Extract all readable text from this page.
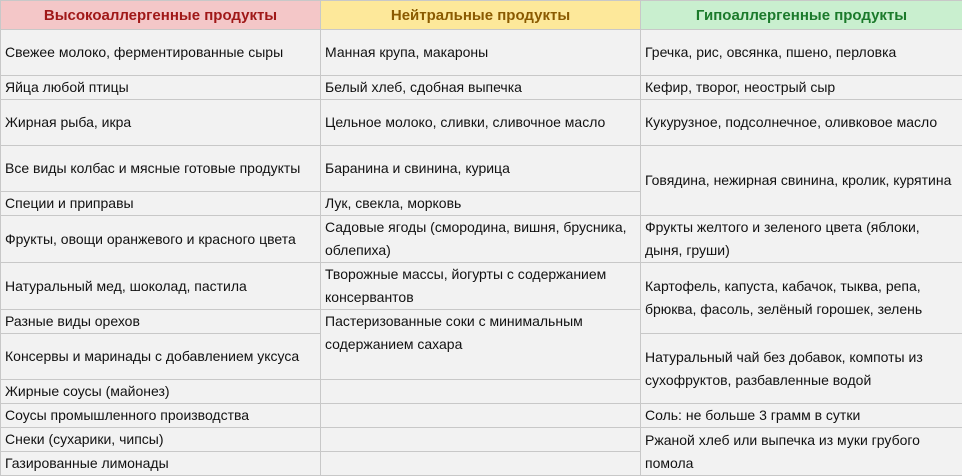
Высокоаллергенные продукты	Нейтральные продукты	Гипоаллергенные продукты
Свежее молоко, ферментированные сыры	Манная крупа, макароны	Гречка, рис, овсянка, пшено, перловка
Яйца любой птицы	Белый хлеб, сдобная выпечка	Кефир, творог, неострый сыр
Жирная рыба, икра	Цельное молоко, сливки, сливочное масло	Кукурузное, подсолнечное, оливковое масло
Все виды колбас и мясные готовые продукты	Баранина и свинина, курица	Говядина, нежирная свинина, кролик, курятина
Специи и приправы	Лук, свекла, морковь	
Фрукты, овощи оранжевого и красного цвета	Садовые ягоды (смородина, вишня, брусника, облепиха)	Фрукты желтого и зеленого цвета (яблоки, дыня, груши)
Натуральный мед, шоколад, пастила	Творожные массы, йогурты с содержанием консервантов	Картофель, капуста, кабачок, тыква, репа, брюква, фасоль, зелёный горошек, зелень
Разные виды орехов	Пастеризованные соки с минимальным содержанием сахара	
Консервы и маринады с добавлением уксуса		Натуральный чай без добавок, компоты из сухофруктов, разбавленные водой
Жирные соусы (майонез)		
Соусы промышленного производства		Соль: не больше 3 грамм в сутки
Снеки (сухарики, чипсы)		Ржаной хлеб или выпечка из муки грубого помола
Газированные лимонады		
